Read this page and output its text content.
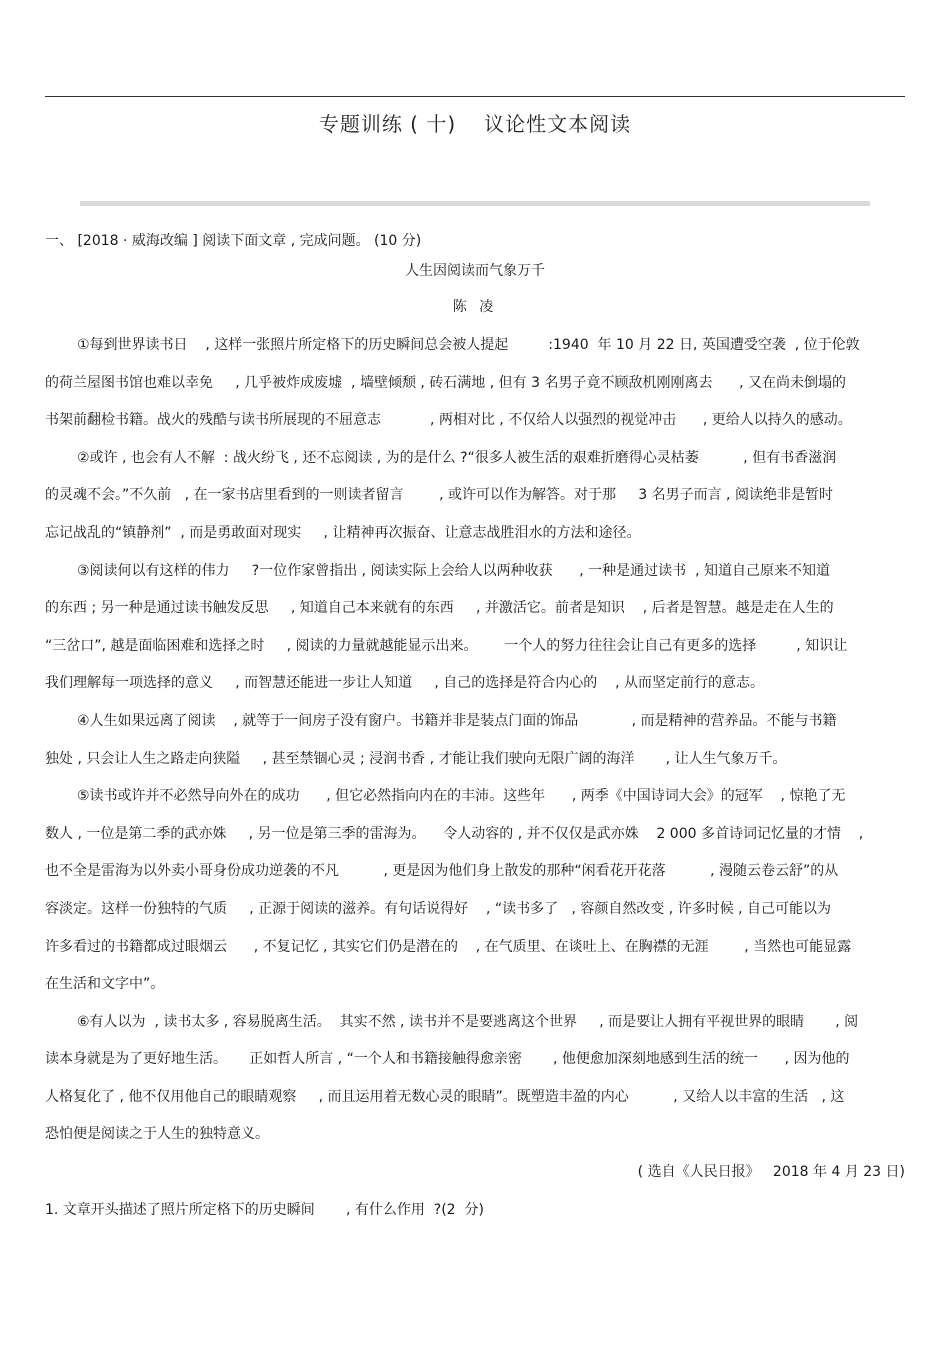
专题训练 ( 十) 议论性文本阅读
一、 [2018 · 威海改编 ] 阅读下面文章 , 完成问题。 (10 分)
人生因阅读而气象万千
陈 凌
①每到世界读书日    , 这样一张照片所定格下的历史瞬间总会被人提起         :1940  年 10 月 22 日, 英国遭受空袭  , 位于伦敦
的荷兰屋图书馆也难以幸免     , 几乎被炸成废墟  , 墙壁倾颓 , 砖石满地 , 但有 3 名男子竟不顾敌机刚刚离去      , 又在尚未倒塌的
书架前翻检书籍。战火的残酷与读书所展现的不屈意志           , 两相对比 , 不仅给人以强烈的视觉冲击      , 更给人以持久的感动。
②或许 , 也会有人不解  : 战火纷飞 , 还不忘阅读 , 为的是什么 ?“很多人被生活的艰难折磨得心灵枯萎          , 但有书香滋润
的灵魂不会。”不久前   , 在一家书店里看到的一则读者留言        , 或许可以作为解答。对于那     3 名男子而言 , 阅读绝非是暂时
忘记战乱的“镇静剂”  , 而是勇敢面对现实     , 让精神再次振奋、让意志战胜泪水的方法和途径。
③阅读何以有这样的伟力     ?一位作家曾指出 , 阅读实际上会给人以两种收获      , 一种是通过读书  , 知道自己原来不知道
的东西 ; 另一种是通过读书触发反思     , 知道自己本来就有的东西     , 并激活它。前者是知识    , 后者是智慧。越是走在人生的
“三岔口”, 越是面临困难和选择之时     , 阅读的力量就越能显示出来。      一个人的努力往往会让自己有更多的选择         , 知识让
我们理解每一项选择的意义     , 而智慧还能进一步让人知道     , 自己的选择是符合内心的    , 从而坚定前行的意志。
④人生如果远离了阅读    , 就等于一间房子没有窗户。书籍并非是装点门面的饰品            , 而是精神的营养品。不能与书籍
独处 , 只会让人生之路走向狭隘     , 甚至禁锢心灵 ; 浸润书香 , 才能让我们驶向无限广阔的海洋       , 让人生气象万千。
⑤读书或许并不必然导向外在的成功      , 但它必然指向内在的丰沛。这些年      , 两季《中国诗词大会》的冠军    , 惊艳了无
数人 , 一位是第二季的武亦姝     , 另一位是第三季的雷海为。    令人动容的 , 并不仅仅是武亦姝    2 000 多首诗词记忆量的才情    ,
也不全是雷海为以外卖小哥身份成功逆袭的不凡          , 更是因为他们身上散发的那种“闲看花开花落          , 漫随云卷云舒”的从
容淡定。这样一份独特的气质     , 正源于阅读的滋养。有句话说得好    , “读书多了   , 容颜自然改变 , 许多时候 , 自己可能以为
许多看过的书籍都成过眼烟云      , 不复记忆 , 其实它们仍是潜在的    , 在气质里、在谈吐上、在胸襟的无涯        , 当然也可能显露
在生活和文字中”。
⑥有人以为  , 读书太多 , 容易脱离生活。  其实不然 , 读书并不是要逃离这个世界     , 而是要让人拥有平视世界的眼睛       , 阅
读本身就是为了更好地生活。     正如哲人所言 , “一个人和书籍接触得愈亲密       , 他便愈加深刻地感到生活的统一      , 因为他的
人格复化了 , 他不仅用他自己的眼睛观察     , 而且运用着无数心灵的眼睛”。既塑造丰盈的内心          , 又给人以丰富的生活   , 这
恐怕便是阅读之于人生的独特意义。
( 选自《人民日报》   2018 年 4 月 23 日)
1. 文章开头描述了照片所定格下的历史瞬间       , 有什么作用  ?(2  分)
